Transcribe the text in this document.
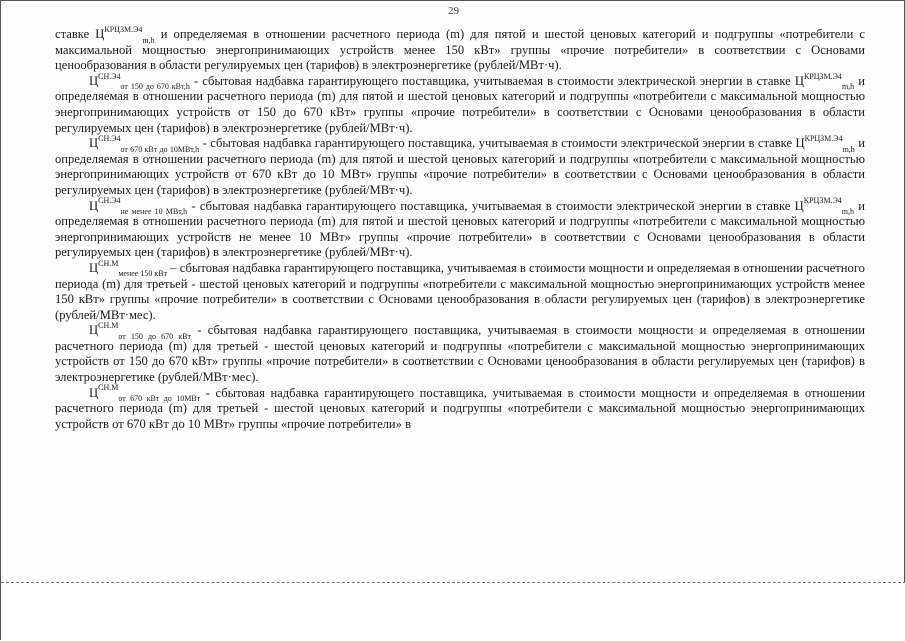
29

ставке $Ц^{КРЦЗМ.Э4}_{m,h}$ и определяемая в отношении расчетного периода (m) для пятой и шестой ценовых категорий и подгруппы «потребители с максимальной мощностью энергопринимающих устройств менее 150 кВт» группы «прочие потребители» в соответствии с Основами ценообразования в области регулируемых цен (тарифов) в электроэнергетике (рублей/МВт·ч).

$Ц^{СН.Э4}_{от 150 до 670 кВт,h}$ - сбытовая надбавка гарантирующего поставщика, учитываемая в стоимости электрической энергии в ставке $Ц^{КРЦЗМ.Э4}_{m,h}$ и определяемая в отношении расчетного периода (m) для пятой и шестой ценовых категорий и подгруппы «потребители с максимальной мощностью энергопринимающих устройств от 150 до 670 кВт» группы «прочие потребители» в соответствии с Основами ценообразования в области регулируемых цен (тарифов) в электроэнергетике (рублей/МВт·ч).

$Ц^{СН.Э4}_{от 670 кВт до 10МВт,h}$ - сбытовая надбавка гарантирующего поставщика, учитываемая в стоимости электрической энергии в ставке $Ц^{КРЦЗМ.Э4}_{m,h}$ и определяемая в отношении расчетного периода (m) для пятой и шестой ценовых категорий и подгруппы «потребители с максимальной мощностью энергопринимающих устройств от 670 кВт до 10 МВт» группы «прочие потребители» в соответствии с Основами ценообразования в области регулируемых цен (тарифов) в электроэнергетике (рублей/МВт·ч).

$Ц^{СН.Э4}_{не менее 10 МВт,h}$ - сбытовая надбавка гарантирующего поставщика, учитываемая в стоимости электрической энергии в ставке $Ц^{КРЦЗМ.Э4}_{m,h}$ и определяемая в отношении расчетного периода (m) для пятой и шестой ценовых категорий и подгруппы «потребители с максимальной мощностью энергопринимающих устройств не менее 10 МВт» группы «прочие потребители» в соответствии с Основами ценообразования в области регулируемых цен (тарифов) в электроэнергетике (рублей/МВт·ч).

$Ц^{СН.М}_{менее 150 кВт}$ – сбытовая надбавка гарантирующего поставщика, учитываемая в стоимости мощности и определяемая в отношении расчетного периода (m) для третьей - шестой ценовых категорий и подгруппы «потребители с максимальной мощностью энергопринимающих устройств менее 150 кВт» группы «прочие потребители» в соответствии с Основами ценообразования в области регулируемых цен (тарифов) в электроэнергетике (рублей/МВт·мес).

$Ц^{СН.М}_{от 150 до 670 кВт}$ - сбытовая надбавка гарантирующего поставщика, учитываемая в стоимости мощности и определяемая в отношении расчетного периода (m) для третьей - шестой ценовых категорий и подгруппы «потребители с максимальной мощностью энергопринимающих устройств от 150 до 670 кВт» группы «прочие потребители» в соответствии с Основами ценообразования в области регулируемых цен (тарифов) в электроэнергетике (рублей/МВт·мес).

$Ц^{СН.М}_{от 670 кВт до 10МВт}$ - сбытовая надбавка гарантирующего поставщика, учитываемая в стоимости мощности и определяемая в отношении расчетного периода (m) для третьей - шестой ценовых категорий и подгруппы «потребители с максимальной мощностью энергопринимающих устройств от 670 кВт до 10 МВт» группы «прочие потребители» в
